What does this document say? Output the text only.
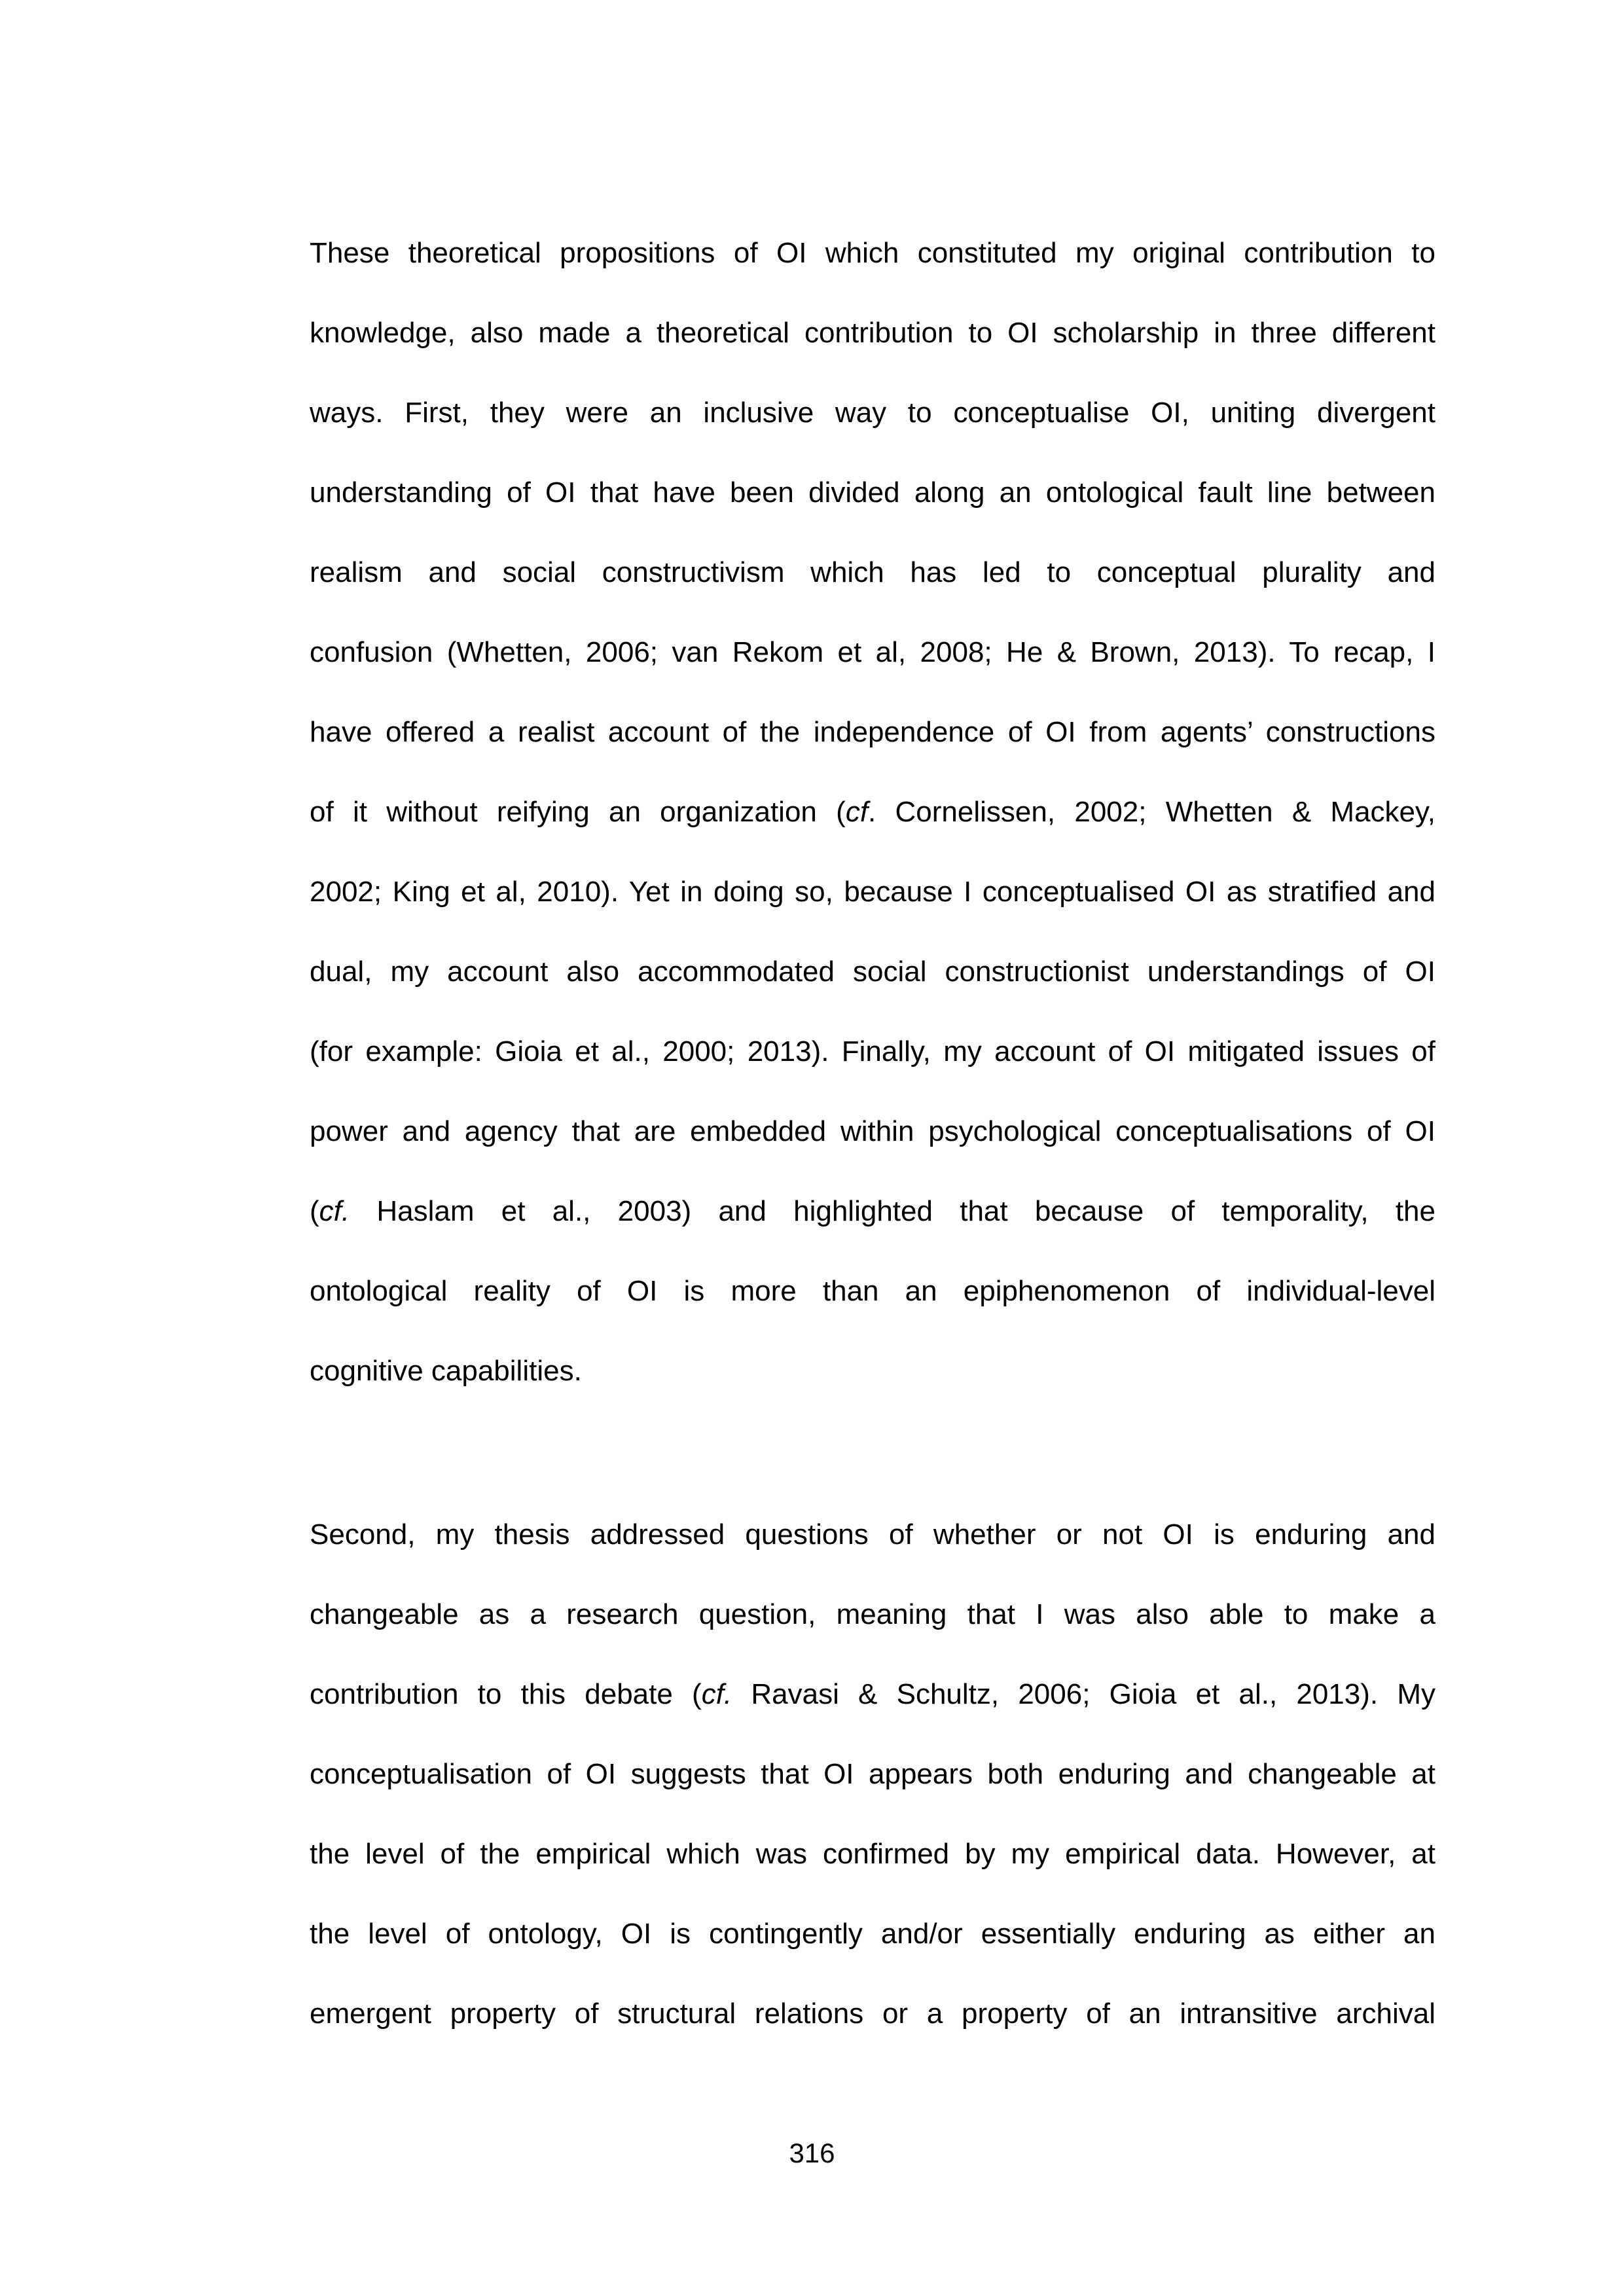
These theoretical propositions of OI which constituted my original contribution to
knowledge, also made a theoretical contribution to OI scholarship in three different
ways. First, they were an inclusive way to conceptualise OI, uniting divergent
understanding of OI that have been divided along an ontological fault line between
realism and social constructivism which has led to conceptual plurality and
confusion (Whetten, 2006; van Rekom et al, 2008; He & Brown, 2013). To recap, I
have offered a realist account of the independence of OI from agents’ constructions
of it without reifying an organization (cf. Cornelissen, 2002; Whetten & Mackey,
2002; King et al, 2010). Yet in doing so, because I conceptualised OI as stratified and
dual, my account also accommodated social constructionist understandings of OI
(for example: Gioia et al., 2000; 2013). Finally, my account of OI mitigated issues of
power and agency that are embedded within psychological conceptualisations of OI
(cf. Haslam et al., 2003) and highlighted that because of temporality, the
ontological reality of OI is more than an epiphenomenon of individual-level
cognitive capabilities.
Second, my thesis addressed questions of whether or not OI is enduring and
changeable as a research question, meaning that I was also able to make a
contribution to this debate (cf. Ravasi & Schultz, 2006; Gioia et al., 2013). My
conceptualisation of OI suggests that OI appears both enduring and changeable at
the level of the empirical which was confirmed by my empirical data. However, at
the level of ontology, OI is contingently and/or essentially enduring as either an
emergent property of structural relations or a property of an intransitive archival
316
